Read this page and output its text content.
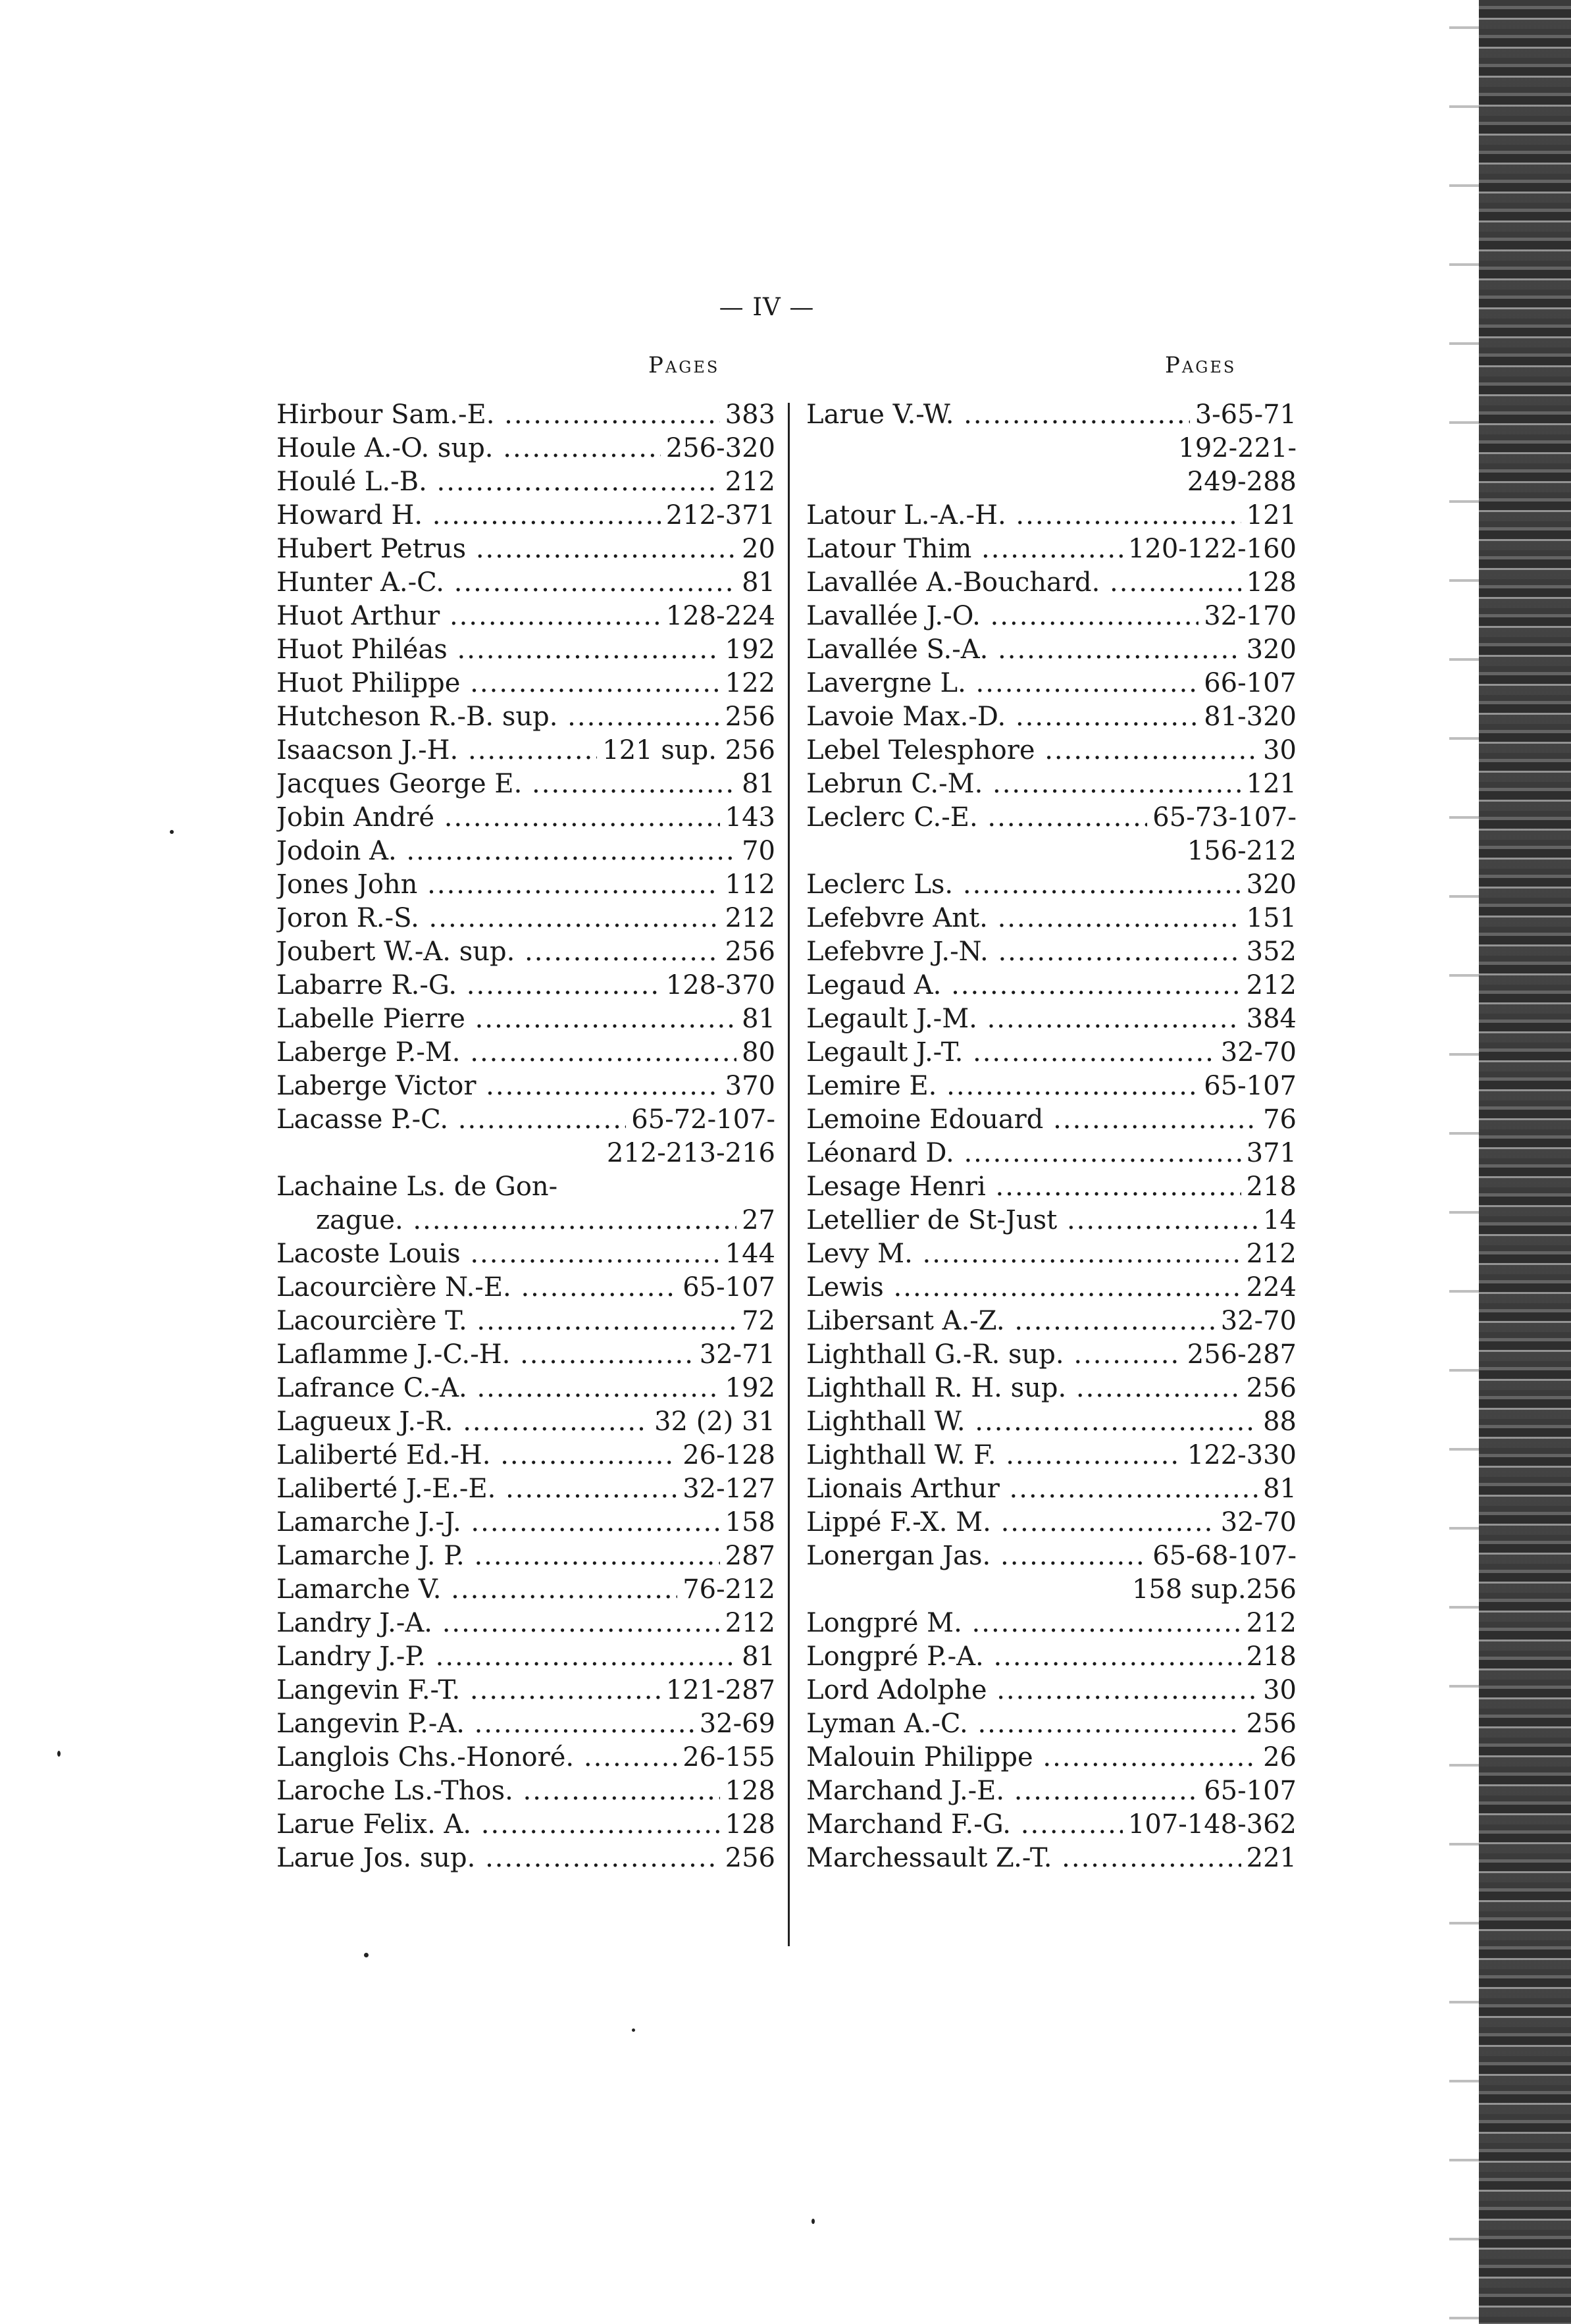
— IV —
Pages	Pages
Hirbour Sam.-E. .....	383
Houle A.-O. sup. .....	256-320
Houlé L.-B. .....	212
Howard H. .....	212-371
Hubert Petrus .....	20
Hunter A.-C. .....	81
Huot Arthur .....	128-224
Huot Philéas .....	192
Huot Philippe .....	122
Hutcheson R.-B. sup. .....	256
Isaacson J.-H. .....	121 sup. 256
Jacques George E. .....	81
Jobin André .....	143
Jodoin A. .....	70
Jones John .....	112
Joron R.-S. .....	212
Joubert W.-A. sup. .....	256
Labarre R.-G. .....	128-370
Labelle Pierre .....	81
Laberge P.-M. .....	80
Laberge Victor .....	370
Lacasse P.-C. .....	65-72-107-
212-213-216
Lachaine Ls. de Gon-
zague. .....	27
Lacoste Louis .....	144
Lacourcière N.-E. .....	65-107
Lacourcière T. .....	72
Laflamme J.-C.-H. .....	32-71
Lafrance C.-A. .....	192
Lagueux J.-R. .....	32 (2) 31
Laliberté Ed.-H. .....	26-128
Laliberté J.-E.-E. .....	32-127
Lamarche J.-J. .....	158
Lamarche J. P. .....	287
Lamarche V. .....	76-212
Landry J.-A. .....	212
Landry J.-P. .....	81
Langevin F.-T. .....	121-287
Langevin P.-A. .....	32-69
Langlois Chs.-Honoré. .....	26-155
Laroche Ls.-Thos. .....	128
Larue Felix. A. .....	128
Larue Jos. sup. .....	256
Larue V.-W. .....	3-65-71
192-221-
249-288
Latour L.-A.-H. .....	121
Latour Thim .....	120-122-160
Lavallée A.-Bouchard. .....	128
Lavallée J.-O. .....	32-170
Lavallée S.-A. .....	320
Lavergne L. .....	66-107
Lavoie Max.-D. .....	81-320
Lebel Telesphore .....	30
Lebrun C.-M. .....	121
Leclerc C.-E. .....	65-73-107-
156-212
Leclerc Ls. .....	320
Lefebvre Ant. .....	151
Lefebvre J.-N. .....	352
Legaud A. .....	212
Legault J.-M. .....	384
Legault J.-T. .....	32-70
Lemire E. .....	65-107
Lemoine Edouard .....	76
Léonard D. .....	371
Lesage Henri .....	218
Letellier de St-Just .....	14
Levy M. .....	212
Lewis .....	224
Libersant A.-Z. .....	32-70
Lighthall G.-R. sup. .....	256-287
Lighthall R. H. sup. .....	256
Lighthall W. .....	88
Lighthall W. F. .....	122-330
Lionais Arthur .....	81
Lippé F.-X. M. .....	32-70
Lonergan Jas. .....	65-68-107-
158 sup.256
Longpré M. .....	212
Longpré P.-A. .....	218
Lord Adolphe .....	30
Lyman A.-C. .....	256
Malouin Philippe .....	26
Marchand J.-E. .....	65-107
Marchand F.-G. .....	107-148-362
Marchessault Z.-T. .....	221
